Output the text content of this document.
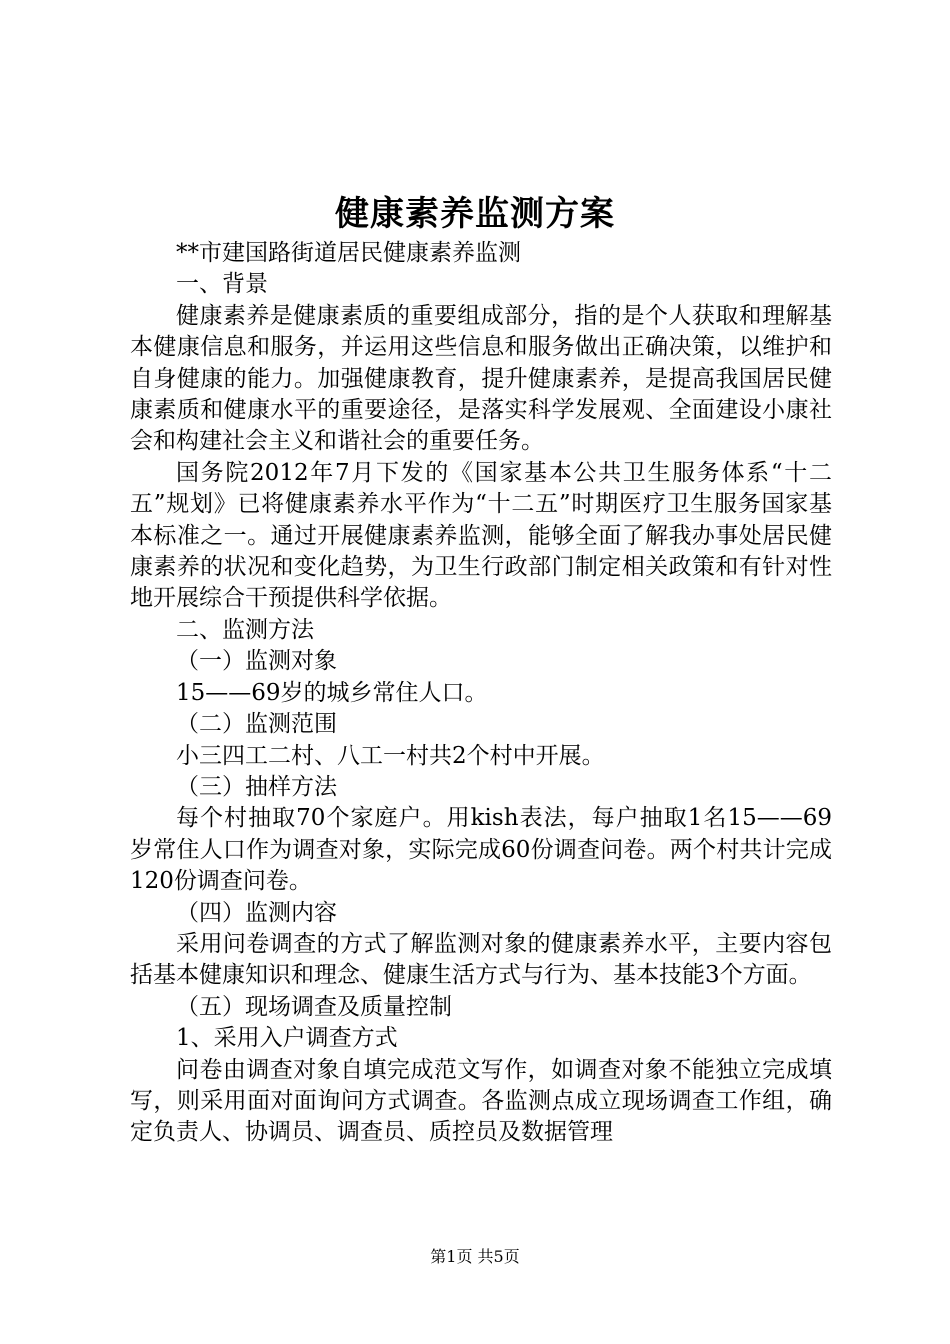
健康素养监测方案

**市建国路街道居民健康素养监测

一、背景

健康素养是健康素质的重要组成部分，指的是个人获取和理解基本健康信息和服务，并运用这些信息和服务做出正确决策，以维护和自身健康的能力。加强健康教育，提升健康素养，是提高我国居民健康素质和健康水平的重要途径，是落实科学发展观、全面建设小康社会和构建社会主义和谐社会的重要任务。

国务院2012年7月下发的《国家基本公共卫生服务体系“十二五”规划》已将健康素养水平作为“十二五”时期医疗卫生服务国家基本标准之一。通过开展健康素养监测，能够全面了解我办事处居民健康素养的状况和变化趋势，为卫生行政部门制定相关政策和有针对性地开展综合干预提供科学依据。

二、监测方法

（一）监测对象

15——69岁的城乡常住人口。

（二）监测范围

小三四工二村、八工一村共2个村中开展。

（三）抽样方法

每个村抽取70个家庭户。用kish表法，每户抽取1名15——69岁常住人口作为调查对象，实际完成60份调查问卷。两个村共计完成120份调查问卷。

（四）监测内容

采用问卷调查的方式了解监测对象的健康素养水平，主要内容包括基本健康知识和理念、健康生活方式与行为、基本技能3个方面。

（五）现场调查及质量控制

1、采用入户调查方式

问卷由调查对象自填完成范文写作，如调查对象不能独立完成填写，则采用面对面询问方式调查。各监测点成立现场调查工作组，确定负责人、协调员、调查员、质控员及数据管理

第1页 共5页
